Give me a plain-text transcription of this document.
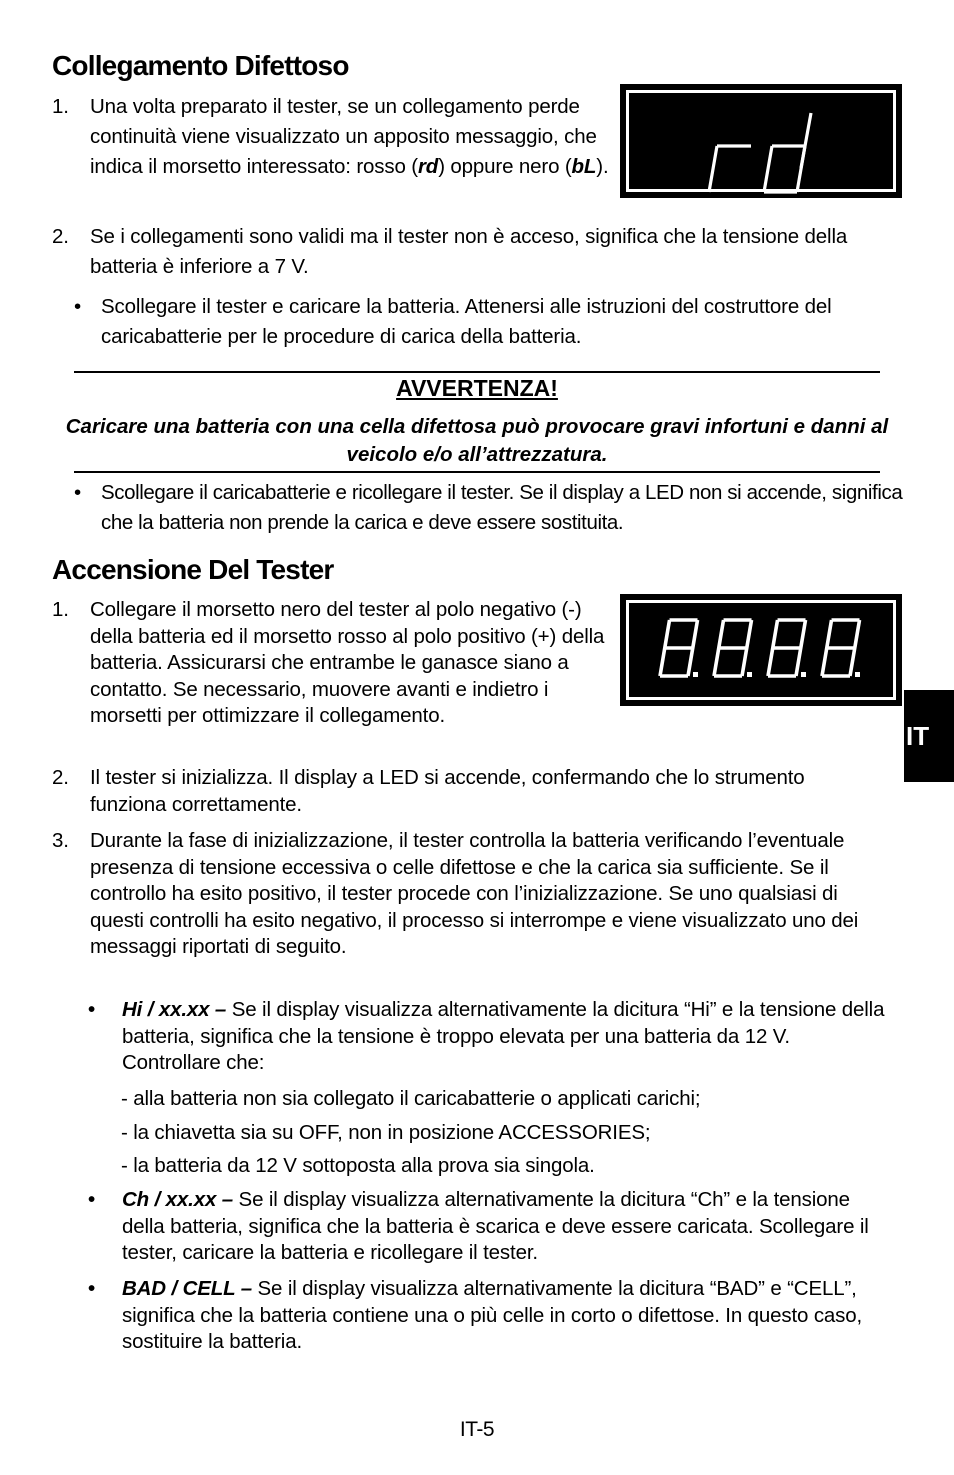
Collegamento Difettoso
1. Una volta preparato il tester, se un collegamento perde continuità viene visualizzato un apposito messaggio, che indica il morsetto interessato: rosso (rd) oppure nero (bL).
2. Se i collegamenti sono validi ma il tester non è acceso, significa che la tensione della batteria è inferiore a 7 V.
• Scollegare il tester e caricare la batteria. Attenersi alle istruzioni del costruttore del caricabatterie per le procedure di carica della batteria.
AVVERTENZA!
Caricare una batteria con una cella difettosa può provocare gravi infortuni e danni al veicolo e/o all’attrezzatura.
• Scollegare il caricabatterie e ricollegare il tester. Se il display a LED non si accende, significa che la batteria non prende la carica e deve essere sostituita.
Accensione Del Tester
1. Collegare il morsetto nero del tester al polo negativo (-) della batteria ed il morsetto rosso al polo positivo (+) della batteria. Assicurarsi che entrambe le ganasce siano a contatto. Se necessario, muovere avanti e indietro i morsetti per ottimizzare il collegamento.
IT
2. Il tester si inizializza. Il display a LED si accende, confermando che lo strumento funziona correttamente.
3. Durante la fase di inizializzazione, il tester controlla la batteria verificando l’eventuale presenza di tensione eccessiva o celle difettose e che la carica sia sufficiente. Se il controllo ha esito positivo, il tester procede con l’inizializzazione. Se uno qualsiasi di questi controlli ha esito negativo, il processo si interrompe e viene visualizzato uno dei messaggi riportati di seguito.
• Hi / xx.xx – Se il display visualizza alternativamente la dicitura “Hi” e la tensione della batteria, significa che la tensione è troppo elevata per una batteria da 12 V. Controllare che:
- alla batteria non sia collegato il caricabatterie o applicati carichi;
- la chiavetta sia su OFF, non in posizione ACCESSORIES;
- la batteria da 12 V sottoposta alla prova sia singola.
• Ch / xx.xx – Se il display visualizza alternativamente la dicitura “Ch” e la tensione della batteria, significa che la batteria è scarica e deve essere caricata. Scollegare il tester, caricare la batteria e ricollegare il tester.
• BAD / CELL – Se il display visualizza alternativamente la dicitura “BAD” e “CELL”, significa che la batteria contiene una o più celle in corto o difettose. In questo caso, sostituire la batteria.
IT-5
